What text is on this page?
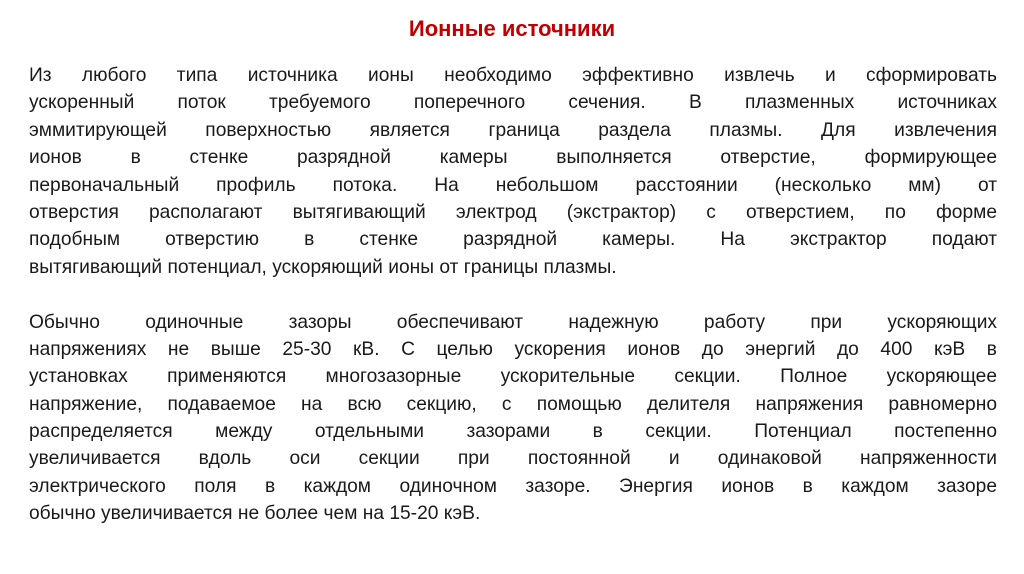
Ионные источники
Из любого типа источника ионы необходимо эффективно извлечь и сформировать
ускоренный поток требуемого поперечного сечения. В плазменных источниках
эммитирующей поверхностью является граница раздела плазмы. Для извлечения
ионов в стенке разрядной камеры выполняется отверстие, формирующее
первоначальный профиль потока. На небольшом расстоянии (несколько мм) от
отверстия располагают вытягивающий электрод (экстрактор) с отверстием, по форме
подобным отверстию в стенке разрядной камеры. На экстрактор подают
вытягивающий потенциал, ускоряющий ионы от границы плазмы.
Обычно одиночные зазоры обеспечивают надежную работу при ускоряющих
напряжениях не выше 25-30 кВ. С целью ускорения ионов до энергий до 400 кэВ в
установках применяются многозазорные ускорительные секции. Полное ускоряющее
напряжение, подаваемое на всю секцию, с помощью делителя напряжения равномерно
распределяется между отдельными зазорами в секции. Потенциал постепенно
увеличивается вдоль оси секции при постоянной и одинаковой напряженности
электрического поля в каждом одиночном зазоре. Энергия ионов в каждом зазоре
обычно увеличивается не более чем на 15-20 кэВ.
